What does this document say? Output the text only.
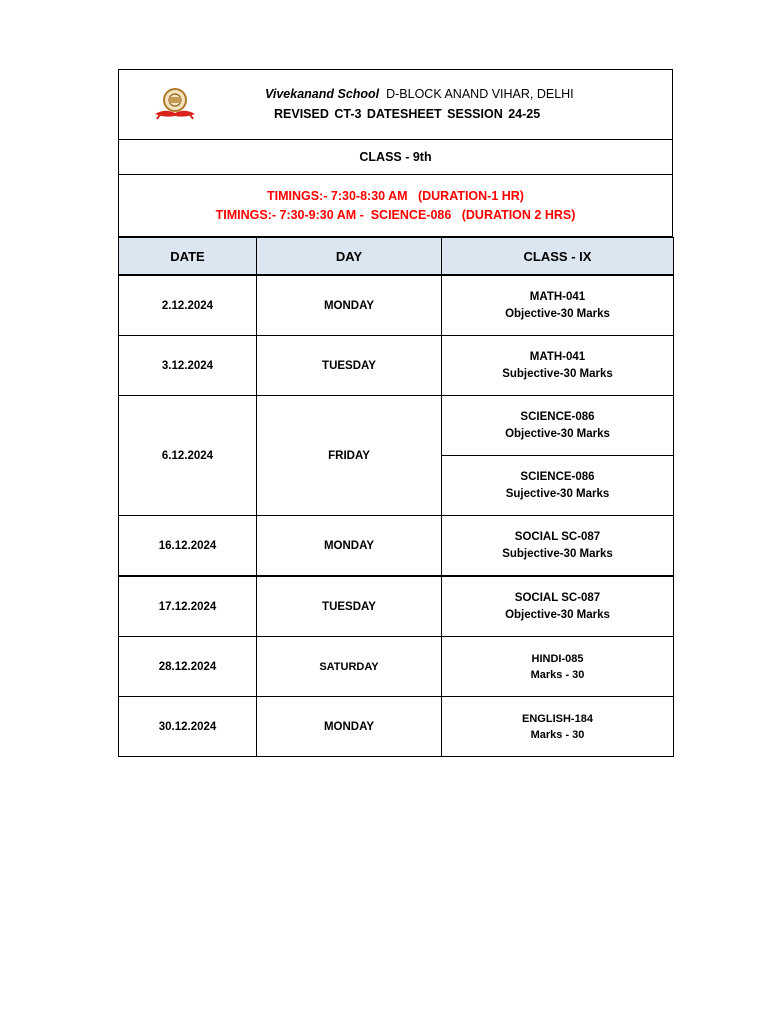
Vivekanand School D-BLOCK ANAND VIHAR, DELHI
REVISED CT-3 DATESHEET SESSION 24-25
CLASS - 9th
TIMINGS:- 7:30-8:30 AM   (DURATION-1 HR)
TIMINGS:- 7:30-9:30 AM -  SCIENCE-086   (DURATION 2 HRS)
DATE	DAY	CLASS - IX
2.12.2024	MONDAY	MATH-041
Objective-30 Marks

3.12.2024	TUESDAY	MATH-041
Subjective-30 Marks

6.12.2024	FRIDAY	SCIENCE-086
Objective-30 Marks

		SCIENCE-086
Sujective-30 Marks

16.12.2024	MONDAY	SOCIAL SC-087
Subjective-30 Marks

17.12.2024	TUESDAY	SOCIAL SC-087
Objective-30 Marks

28.12.2024	SATURDAY	HINDI-085
Marks - 30

30.12.2024	MONDAY	ENGLISH-184
Marks - 30
